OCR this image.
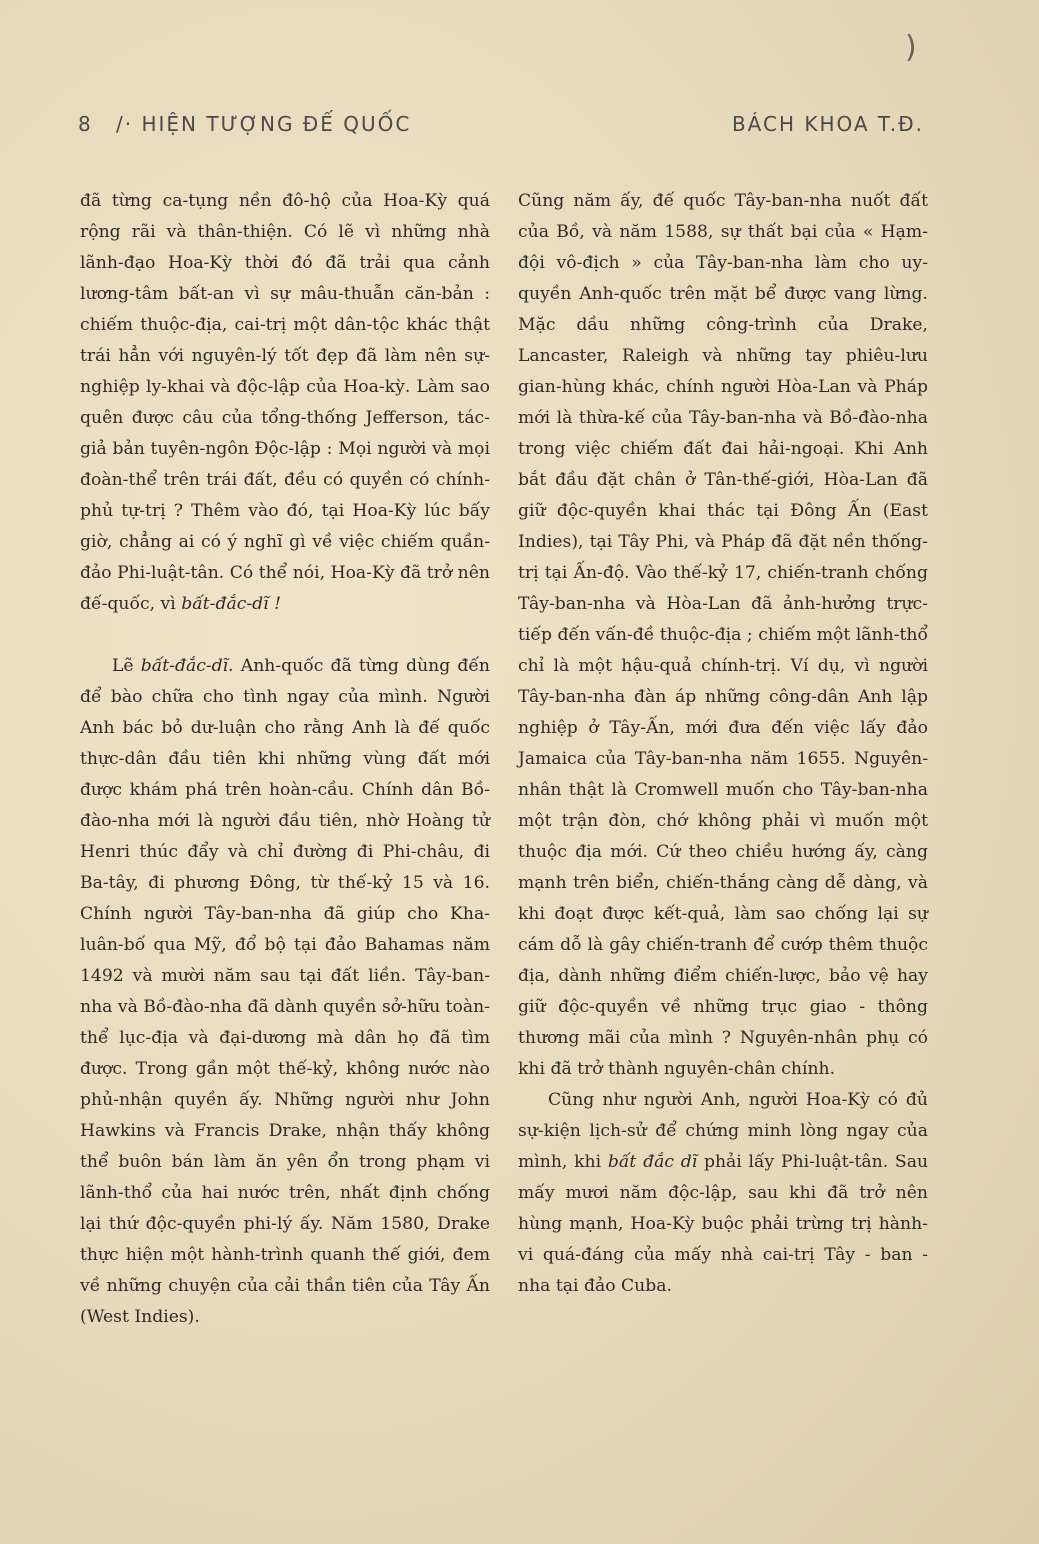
)
8 /· HIỆN TƯỢNG ĐẾ QUỐC	BÁCH KHOA T.Đ.

đã từng ca-tụng nền đô-hộ của Hoa-Kỳ quá rộng rãi và thân-thiện. Có lẽ vì những nhà lãnh-đạo Hoa-Kỳ thời đó đã trải qua cảnh lương-tâm bất-an vì sự mâu-thuẫn căn-bản : chiếm thuộc-địa, cai-trị một dân-tộc khác thật trái hẳn với nguyên-lý tốt đẹp đã làm nên sự-nghiệp ly-khai và độc-lập của Hoa-kỳ. Làm sao quên được câu của tổng-thống Jefferson, tác-giả bản tuyên-ngôn Độc-lập : Mọi người và mọi đoàn-thể trên trái đất, đều có quyền có chính-phủ tự-trị ? Thêm vào đó, tại Hoa-Kỳ lúc bấy giờ, chẳng ai có ý nghĩ gì về việc chiếm quần-đảo Phi-luật-tân. Có thể nói, Hoa-Kỳ đã trở nên đế-quốc, vì bất-đắc-dĩ !

Lẽ bất-đắc-dĩ. Anh-quốc đã từng dùng đến để bào chữa cho tình ngay của mình. Người Anh bác bỏ dư-luận cho rằng Anh là đế quốc thực-dân đầu tiên khi những vùng đất mới được khám phá trên hoàn-cầu. Chính dân Bồ-đào-nha mới là người đầu tiên, nhờ Hoàng tử Henri thúc đẩy và chỉ đường đi Phi-châu, đi Ba-tây, đi phương Đông, từ thế-kỷ 15 và 16. Chính người Tây-ban-nha đã giúp cho Kha-luân-bố qua Mỹ, đổ bộ tại đảo Bahamas năm 1492 và mười năm sau tại đất liền. Tây-ban-nha và Bồ-đào-nha đã dành quyền sở-hữu toàn-thể lục-địa và đại-dương mà dân họ đã tìm được. Trong gần một thế-kỷ, không nước nào phủ-nhận quyền ấy. Những người như John Hawkins và Francis Drake, nhận thấy không thể buôn bán làm ăn yên ổn trong phạm vi lãnh-thổ của hai nước trên, nhất định chống lại thứ độc-quyền phi-lý ấy. Năm 1580, Drake thực hiện một hành-trình quanh thế giới, đem về những chuyện của cải thần tiên của Tây Ấn (West Indies).

Cũng năm ấy, đế quốc Tây-ban-nha nuốt đất của Bồ, và năm 1588, sự thất bại của « Hạm-đội vô-địch » của Tây-ban-nha làm cho uy-quyền Anh-quốc trên mặt bể được vang lừng. Mặc dầu những công-trình của Drake, Lancaster, Raleigh và những tay phiêu-lưu gian-hùng khác, chính người Hòa-Lan và Pháp mới là thừa-kế của Tây-ban-nha và Bồ-đào-nha trong việc chiếm đất đai hải-ngoại. Khi Anh bắt đầu đặt chân ở Tân-thế-giới, Hòa-Lan đã giữ độc-quyền khai thác tại Đông Ấn (East Indies), tại Tây Phi, và Pháp đã đặt nền thống-trị tại Ấn-độ. Vào thế-kỷ 17, chiến-tranh chống Tây-ban-nha và Hòa-Lan đã ảnh-hưởng trực-tiếp đến vấn-đề thuộc-địa ; chiếm một lãnh-thổ chỉ là một hậu-quả chính-trị. Ví dụ, vì người Tây-ban-nha đàn áp những công-dân Anh lập nghiệp ở Tây-Ấn, mới đưa đến việc lấy đảo Jamaica của Tây-ban-nha năm 1655. Nguyên-nhân thật là Cromwell muốn cho Tây-ban-nha một trận đòn, chớ không phải vì muốn một thuộc địa mới. Cứ theo chiều hướng ấy, càng mạnh trên biển, chiến-thắng càng dễ dàng, và khi đoạt được kết-quả, làm sao chống lại sự cám dỗ là gây chiến-tranh để cướp thêm thuộc địa, dành những điểm chiến-lược, bảo vệ hay giữ độc-quyền về những trục giao - thông thương mãi của mình ? Nguyên-nhân phụ có khi đã trở thành nguyên-chân chính.

Cũng như người Anh, người Hoa-Kỳ có đủ sự-kiện lịch-sử để chứng minh lòng ngay của mình, khi bất đắc dĩ phải lấy Phi-luật-tân. Sau mấy mươi năm độc-lập, sau khi đã trở nên hùng mạnh, Hoa-Kỳ buộc phải trừng trị hành-vi quá-đáng của mấy nhà cai-trị Tây - ban - nha tại đảo Cuba.
